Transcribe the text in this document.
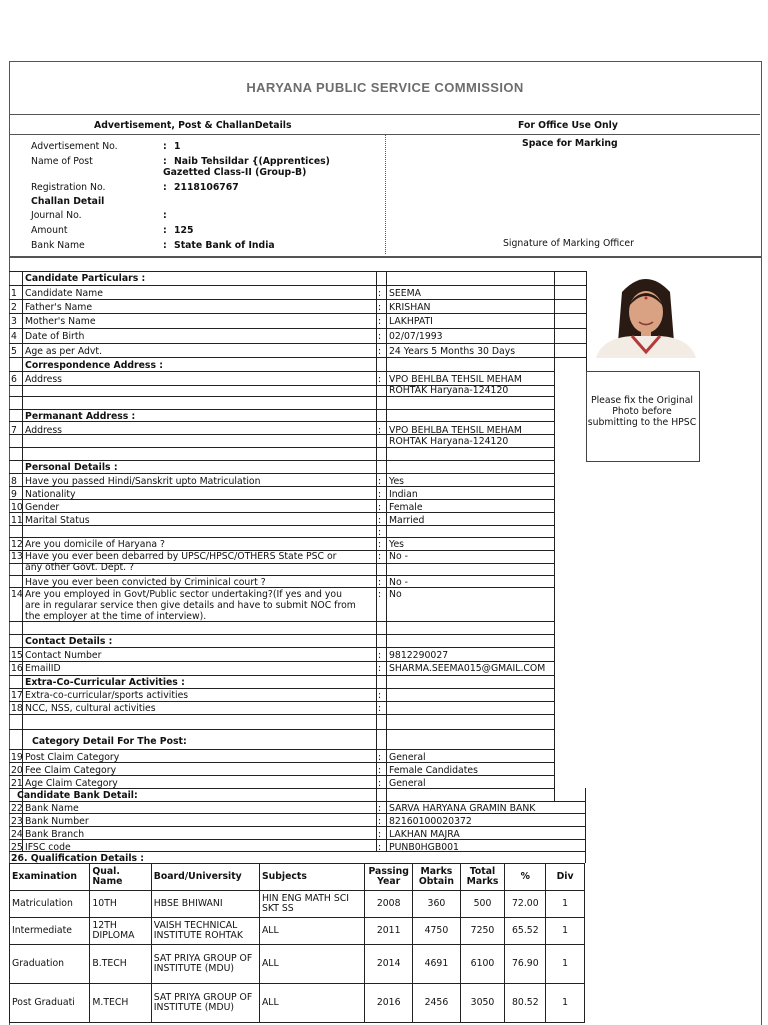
HARYANA PUBLIC SERVICE COMMISSION
Advertisement, Post & ChallanDetails	For Office Use Only
Space for Marking
Signature of Marking Officer
Advertisement No.	: 1
Name of Post	: Naib Tehsildar {(Apprentices)
Gazetted Class-II (Group-B)
Registration No.	: 2118106767
Challan Detail
Journal No.	:
Amount	: 125
Bank Name	: State Bank of India
Please fix the Original Photo before submitting to the HPSC
Candidate Particulars :
Correspondence Address :
Permanant Address :
Personal Details :
Contact Details :
Extra-Co-Curricular Activities :
Category Detail For The Post:
Candidate Bank Detail:
26. Qualification Details :
1 Candidate Name	: SEEMA
2 Father's Name	: KRISHAN
3 Mother's Name	: LAKHPATI
4 Date of Birth	: 02/07/1993
5 Age as per Advt.	: 24 Years 5 Months 30 Days
6 Address	: VPO BEHLBA TEHSIL MEHAM
ROHTAK Haryana-124120
7 Address	: VPO BEHLBA TEHSIL MEHAM
ROHTAK Haryana-124120
8 Have you passed Hindi/Sanskrit upto Matriculation	: Yes
9 Nationality	: Indian
10 Gender	: Female
11 Marital Status	: Married
12 Are you domicile of Haryana ?	: Yes
13 Have you ever been debarred by UPSC/HPSC/OTHERS State PSC or
any other Govt. Dept. ?
: No -
Have you ever been convicted by Criminical court ?	: No -
14 Are you employed in Govt/Public sector undertaking?(If yes and you
are in regularar service then give details and have to submit NOC from
the employer at the time of interview).
: No
15 Contact Number	: 9812290027
16 EmailID	: SHARMA.SEEMA015@GMAIL.COM
17 Extra-co-curricular/sports activities	:
18 NCC, NSS, cultural activities	:
19 Post Claim Category	: General
20 Fee Claim Category	: Female Candidates
21 Age Claim Category	: General
22 Bank Name	: SARVA HARYANA GRAMIN BANK
23 Bank Number	: 82160100020372
24 Bank Branch	: LAKHAN MAJRA
25 IFSC code	: PUNB0HGB001
:
Examination	Qual. Name	Board/University	Subjects	Passing Year	Marks Obtain	Total Marks	%	Div
Matriculation	10TH	HBSE BHIWANI	HIN ENG MATH SCI SKT SS	2008	360	500	72.00	1
Intermediate	12TH DIPLOMA	VAISH TECHNICAL INSTITUTE ROHTAK	ALL	2011	4750	7250	65.52	1
Graduation	B.TECH	SAT PRIYA GROUP OF INSTITUTE (MDU)	ALL	2014	4691	6100	76.90	1
Post Graduati	M.TECH	SAT PRIYA GROUP OF INSTITUTE (MDU)	ALL	2016	2456	3050	80.52	1
